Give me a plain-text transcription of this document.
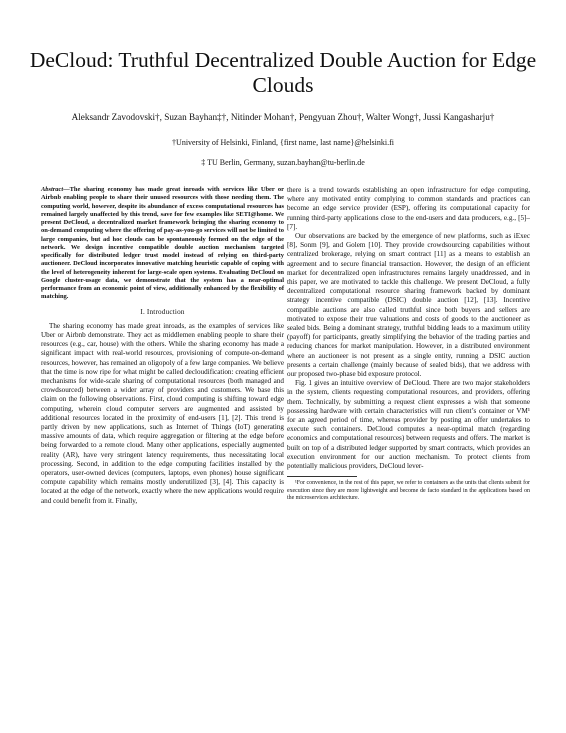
DeCloud: Truthful Decentralized Double Auction for Edge Clouds

Aleksandr Zavodovski†, Suzan Bayhan‡†, Nitinder Mohan†, Pengyuan Zhou†, Walter Wong†, Jussi Kangasharju†

†University of Helsinki, Finland, {first name, last name}@helsinki.fi

‡ TU Berlin, Germany, suzan.bayhan@tu-berlin.de

Abstract—The sharing economy has made great inroads with services like Uber or Airbnb enabling people to share their unused resources with those needing them. The computing world, however, despite its abundance of excess computational resources has remained largely unaffected by this trend, save for few examples like SETI@home. We present DeCloud, a decentralized market framework bringing the sharing economy to on-demand computing where the offering of pay-as-you-go services will not be limited to large companies, but ad hoc clouds can be spontaneously formed on the edge of the network. We design incentive compatible double auction mechanism targeted specifically for distributed ledger trust model instead of relying on third-party auctioneer. DeCloud incorporates innovative matching heuristic capable of coping with the level of heterogeneity inherent for large-scale open systems. Evaluating DeCloud on Google cluster-usage data, we demonstrate that the system has a near-optimal performance from an economic point of view, additionally enhanced by the flexibility of matching.

I. Introduction

The sharing economy has made great inroads, as the examples of services like Uber or Airbnb demonstrate. They act as middlemen enabling people to share their resources (e.g., car, house) with the others. While the sharing economy has made a significant impact with real-world resources, provisioning of compute-on-demand resources, however, has remained an oligopoly of a few large companies. We believe that the time is now ripe for what might be called decloudification: creating efficient mechanisms for wide-scale sharing of computational resources (both managed and crowdsourced) between a wider array of providers and customers. We base this claim on the following observations. First, cloud computing is shifting toward edge computing, wherein cloud computer servers are augmented and assisted by additional resources located in the proximity of end-users [1], [2]. This trend is partly driven by new applications, such as Internet of Things (IoT) generating massive amounts of data, which require aggregation or filtering at the edge before being forwarded to a remote cloud. Many other applications, especially augmented reality (AR), have very stringent latency requirements, thus necessitating local processing. Second, in addition to the edge computing facilities installed by the operators, user-owned devices (computers, laptops, even phones) house significant compute capability which remains mostly underutilized [3], [4]. This capacity is located at the edge of the network, exactly where the new applications would require and could benefit from it. Finally,

there is a trend towards establishing an open infrastructure for edge computing, where any motivated entity complying to common standards and practices can become an edge service provider (ESP), offering its computational capacity for running third-party applications close to the end-users and data producers, e.g., [5]–[7].

Our observations are backed by the emergence of new platforms, such as iExec [8], Sonm [9], and Golem [10]. They provide crowdsourcing capabilities without centralized brokerage, relying on smart contract [11] as a means to establish an agreement and to secure financial transaction. However, the design of an efficient market for decentralized open infrastructures remains largely unaddressed, and in this paper, we are motivated to tackle this challenge. We present DeCloud, a fully decentralized computational resource sharing framework backed by dominant strategy incentive compatible (DSIC) double auction [12], [13]. Incentive compatible auctions are also called truthful since both buyers and sellers are motivated to expose their true valuations and costs of goods to the auctioneer as sealed bids. Being a dominant strategy, truthful bidding leads to a maximum utility (payoff) for participants, greatly simplifying the behavior of the trading parties and reducing chances for market manipulation. However, in a distributed environment where an auctioneer is not present as a single entity, running a DSIC auction presents a certain challenge (mainly because of sealed bids), that we address with our proposed two-phase bid exposure protocol.

Fig. 1 gives an intuitive overview of DeCloud. There are two major stakeholders in the system, clients requesting computational resources, and providers, offering them. Technically, by submitting a request client expresses a wish that someone possessing hardware with certain characteristics will run client’s container or VM¹ for an agreed period of time, whereas provider by posting an offer undertakes to execute such containers. DeCloud computes a near-optimal match (regarding economics and computational resources) between requests and offers. The market is built on top of a distributed ledger supported by smart contracts, which provides an execution environment for our auction mechanism. To protect clients from potentially malicious providers, DeCloud lever-

¹For convenience, in the rest of this paper, we refer to containers as the units that clients submit for execution since they are more lightweight and become de facto standard in the applications based on the microservices architecture.
